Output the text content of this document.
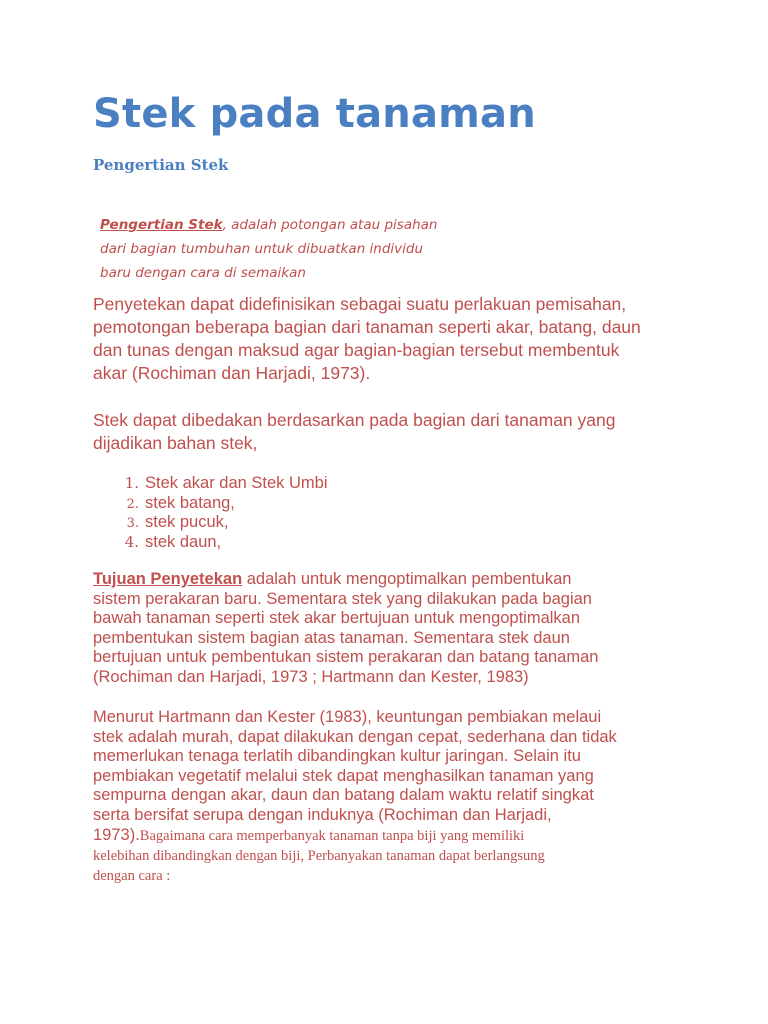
Stek pada tanaman
Pengertian Stek
Pengertian Stek, adalah potongan atau pisahan
dari bagian tumbuhan untuk dibuatkan individu
baru dengan cara di semaikan
Penyetekan dapat didefinisikan sebagai suatu perlakuan pemisahan,
pemotongan beberapa bagian dari tanaman seperti akar, batang, daun
dan tunas dengan maksud agar bagian-bagian tersebut membentuk
akar (Rochiman dan Harjadi, 1973).
Stek dapat dibedakan berdasarkan pada bagian dari tanaman yang
dijadikan bahan stek,
1. Stek akar dan Stek Umbi
2. stek batang,
3. stek pucuk,
4. stek daun,
Tujuan Penyetekan adalah untuk mengoptimalkan pembentukan
sistem perakaran baru. Sementara stek yang dilakukan pada bagian
bawah tanaman seperti stek akar bertujuan untuk mengoptimalkan
pembentukan sistem bagian atas tanaman. Sementara stek daun
bertujuan untuk pembentukan sistem perakaran dan batang tanaman
(Rochiman dan Harjadi, 1973 ; Hartmann dan Kester, 1983)
Menurut Hartmann dan Kester (1983), keuntungan pembiakan melaui
stek adalah murah, dapat dilakukan dengan cepat, sederhana dan tidak
memerlukan tenaga terlatih dibandingkan kultur jaringan. Selain itu
pembiakan vegetatif melalui stek dapat menghasilkan tanaman yang
sempurna dengan akar, daun dan batang dalam waktu relatif singkat
serta bersifat serupa dengan induknya (Rochiman dan Harjadi,
1973).Bagaimana cara memperbanyak tanaman tanpa biji yang memiliki
kelebihan dibandingkan dengan biji, Perbanyakan tanaman dapat berlangsung
dengan cara :
